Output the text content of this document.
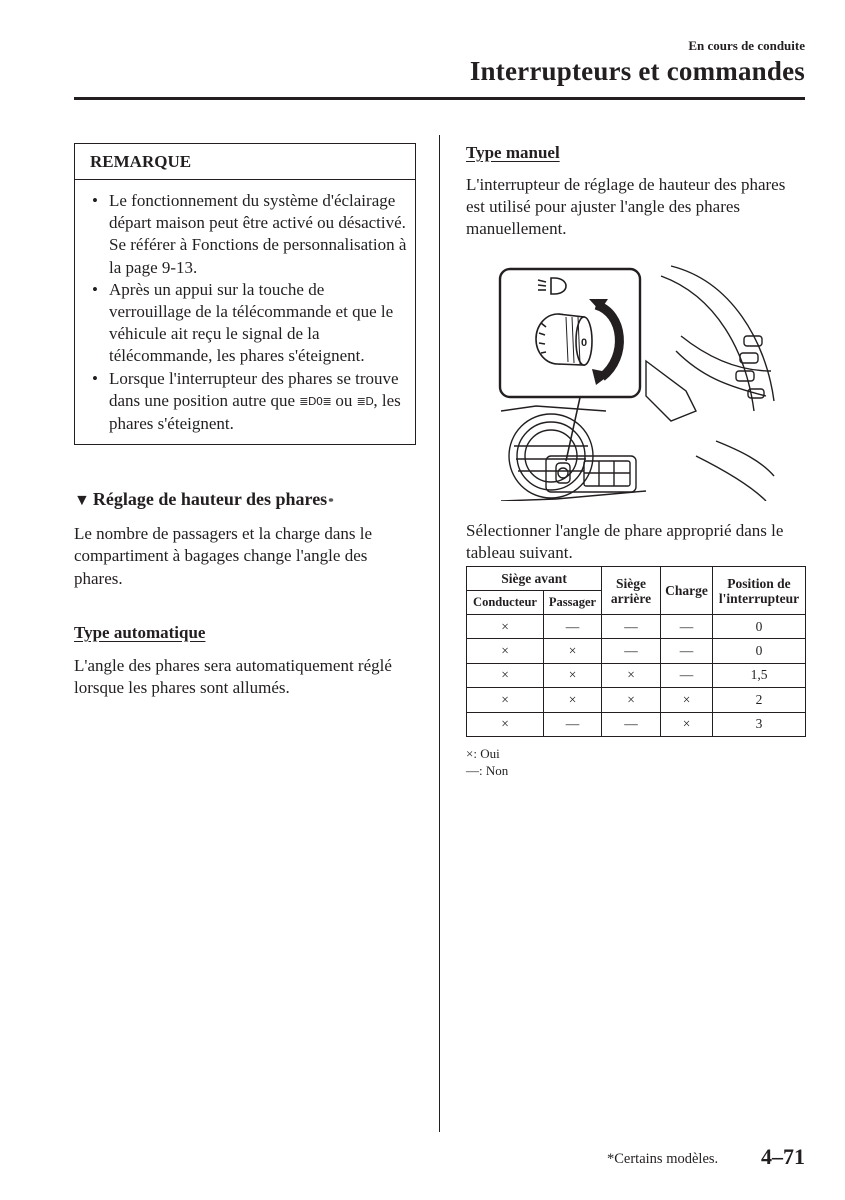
En cours de conduite
Interrupteurs et commandes
REMARQUE
• Le fonctionnement du système d'éclairage départ maison peut être activé ou désactivé.
Se référer à Fonctions de personnalisation à la page 9-13.
• Après un appui sur la touche de verrouillage de la télécommande et que le véhicule ait reçu le signal de la télécommande, les phares s'éteignent.
• Lorsque l'interrupteur des phares se trouve dans une position autre que ≣D0≣ ou ≣D, les phares s'éteignent.
▼ Réglage de hauteur des phares *

Le nombre de passagers et la charge dans le compartiment à bagages change l'angle des phares.

Type automatique

L'angle des phares sera automatiquement réglé lorsque les phares sont allumés.

Type manuel

L'interrupteur de réglage de hauteur des phares est utilisé pour ajuster l'angle des phares manuellement.

0

Sélectionner l'angle de phare approprié dans le tableau suivant.

Siège avant		Siège arrière	Charge	Position de l'interrupteur
Conducteur	Passager			
×	—	—	—	0
×	×	—	—	0
×	×	×	—	1,5
×	×	×	×	2
×	—	—	×	3
×: Oui
—: Non
*Certains modèles. 4–71
